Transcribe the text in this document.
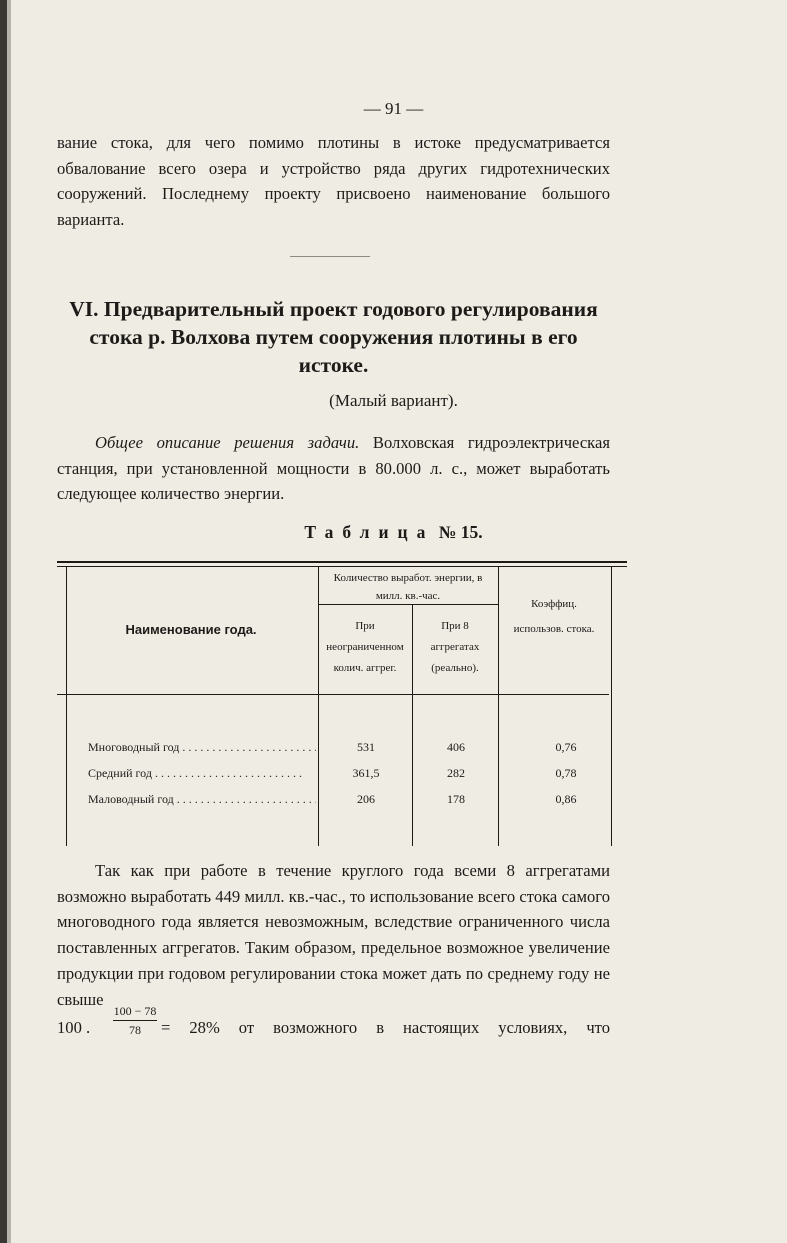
— 91 —
вание стока, для чего помимо плотины в истоке предусматривается обвалование всего озера и устройство ряда других гидротехнических сооружений. Последнему проекту присвоено наименование большого варианта.
VI. Предварительный проект годового регулирования стока р. Волхова путем сооружения плотины в его истоке.
(Малый вариант).
Общее описание решения задачи. Волховская гидроэлектрическая станция, при установленной мощности в 80.000 л. с., может выработать следующее количество энергии.
Таблица № 15.
Наименование года.
Количество выработ. энергии, в милл. кв.-час.
При неограниченном колич. аггрег.
При 8 аггрегатах (реально).
Коэффиц. использов. стока.
Многоводный год . . .	531	406	0,76
Средний год . . .	361,5	282	0,78
Маловодный год . . .	206	178	0,86
Так как при работе в течение круглого года всеми 8 аггрегатами возможно выработать 449 милл. кв.-час., то использование всего стока самого многоводного года является невозможным, вследствие ограниченного числа поставленных аггрегатов. Таким образом, предельное возможное увеличение продукции при годовом регулировании стока может дать по среднему году не свыше
100 .
100 − 78
78	= 28% от возможного в настоящих условиях, что
